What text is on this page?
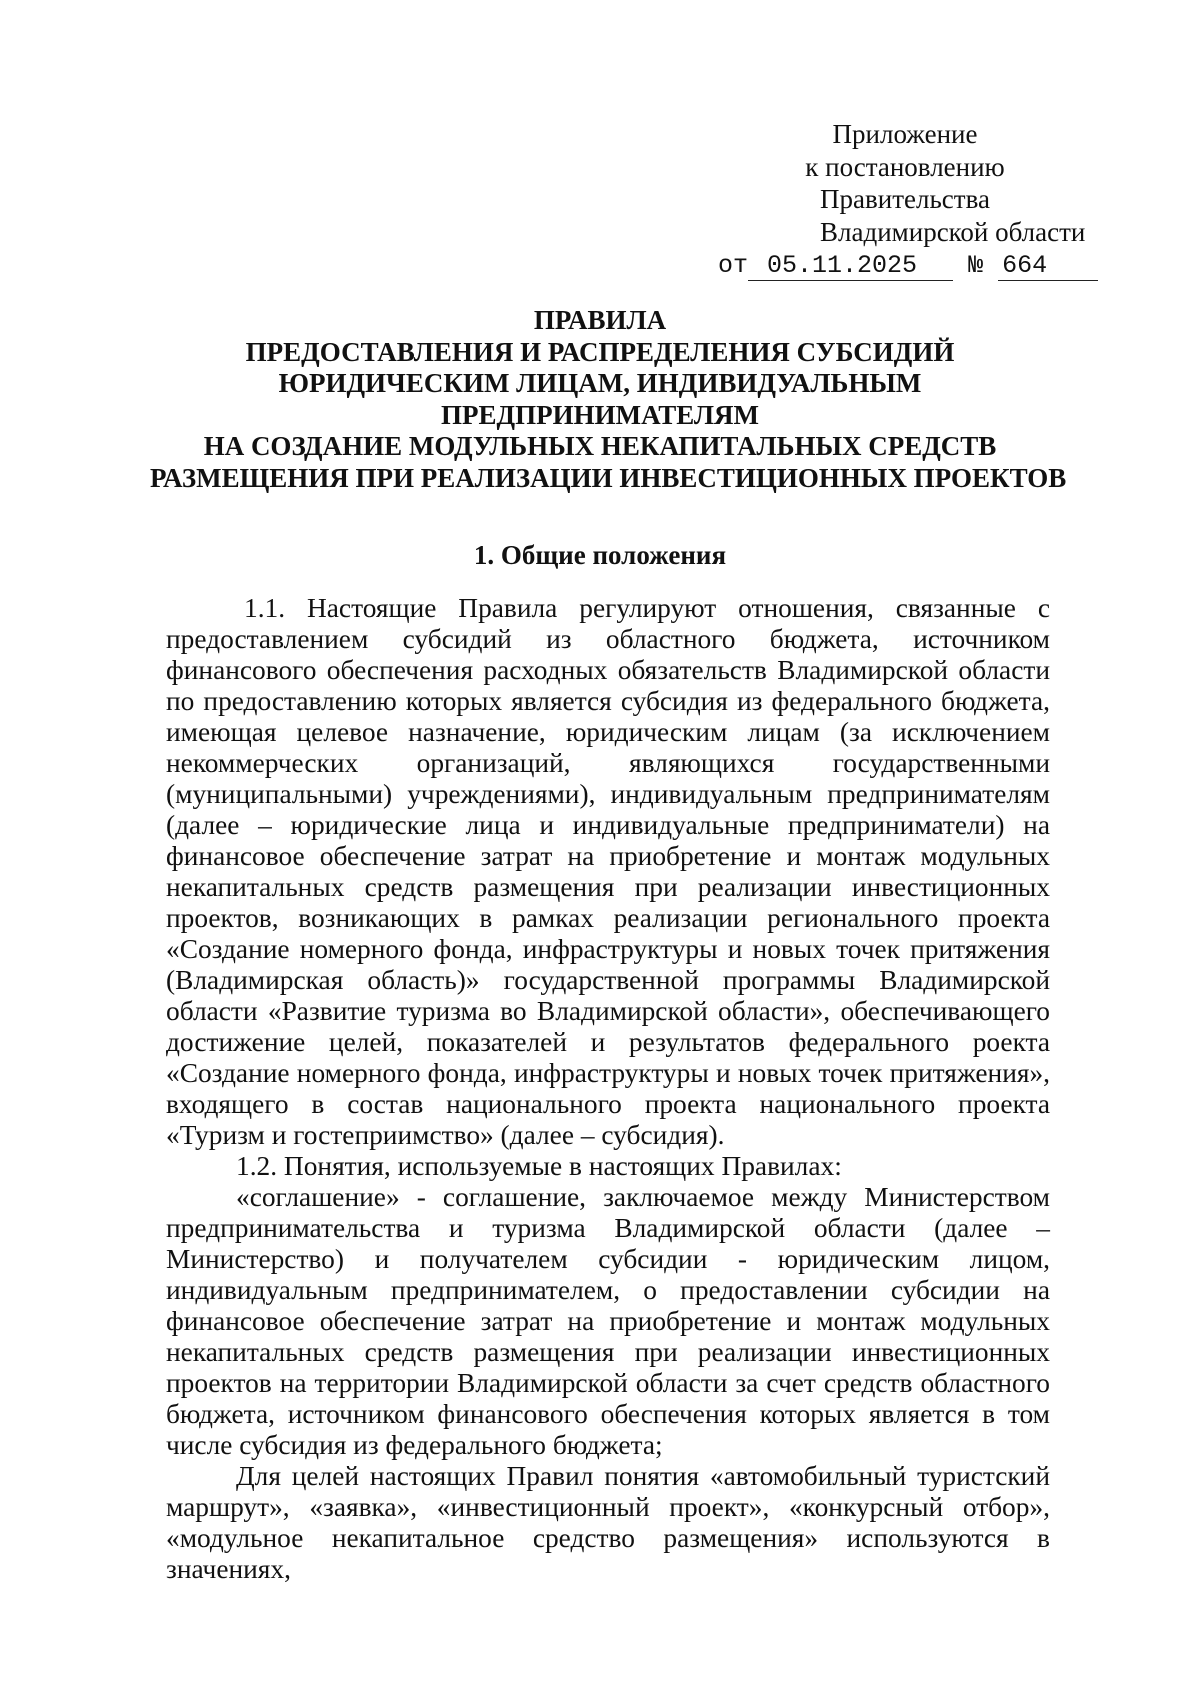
Приложение
к постановлению
Правительства
Владимирской области
от 05.11.2025 № 664
ПРАВИЛА
ПРЕДОСТАВЛЕНИЯ И РАСПРЕДЕЛЕНИЯ СУБСИДИЙ
ЮРИДИЧЕСКИМ ЛИЦАМ, ИНДИВИДУАЛЬНЫМ
ПРЕДПРИНИМАТЕЛЯМ
НА СОЗДАНИЕ МОДУЛЬНЫХ НЕКАПИТАЛЬНЫХ СРЕДСТВ
РАЗМЕЩЕНИЯ ПРИ РЕАЛИЗАЦИИ ИНВЕСТИЦИОННЫХ ПРОЕКТОВ
1. Общие положения

1.1. Настоящие Правила регулируют отношения, связанные с предоставлением субсидий из областного бюджета, источником финансового обеспечения расходных обязательств Владимирской области по предоставлению которых является субсидия из федерального бюджета, имеющая целевое назначение, юридическим лицам (за исключением некоммерческих организаций, являющихся государственными (муниципальными) учреждениями), индивидуальным предпринимателям (далее – юридические лица и индивидуальные предприниматели) на финансовое обеспечение затрат на приобретение и монтаж модульных некапитальных средств размещения при реализации инвестиционных проектов, возникающих в рамках реализации регионального проекта «Создание номерного фонда, инфраструктуры и новых точек притяжения (Владимирская область)» государственной программы Владимирской области «Развитие туризма во Владимирской области», обеспечивающего достижение целей, показателей и результатов федерального роекта «Создание номерного фонда, инфраструктуры и новых точек притяжения», входящего в состав национального проекта национального проекта «Туризм и гостеприимство» (далее – субсидия).

1.2. Понятия, используемые в настоящих Правилах:

«соглашение» - соглашение, заключаемое между Министерством предпринимательства и туризма Владимирской области (далее – Министерство) и получателем субсидии - юридическим лицом, индивидуальным предпринимателем, о предоставлении субсидии на финансовое обеспечение затрат на приобретение и монтаж модульных некапитальных средств размещения при реализации инвестиционных проектов на территории Владимирской области за счет средств областного бюджета, источником финансового обеспечения которых является в том числе субсидия из федерального бюджета;

Для целей настоящих Правил понятия «автомобильный туристский маршрут», «заявка», «инвестиционный проект», «конкурсный отбор», «модульное некапитальное средство размещения» используются в значениях,
